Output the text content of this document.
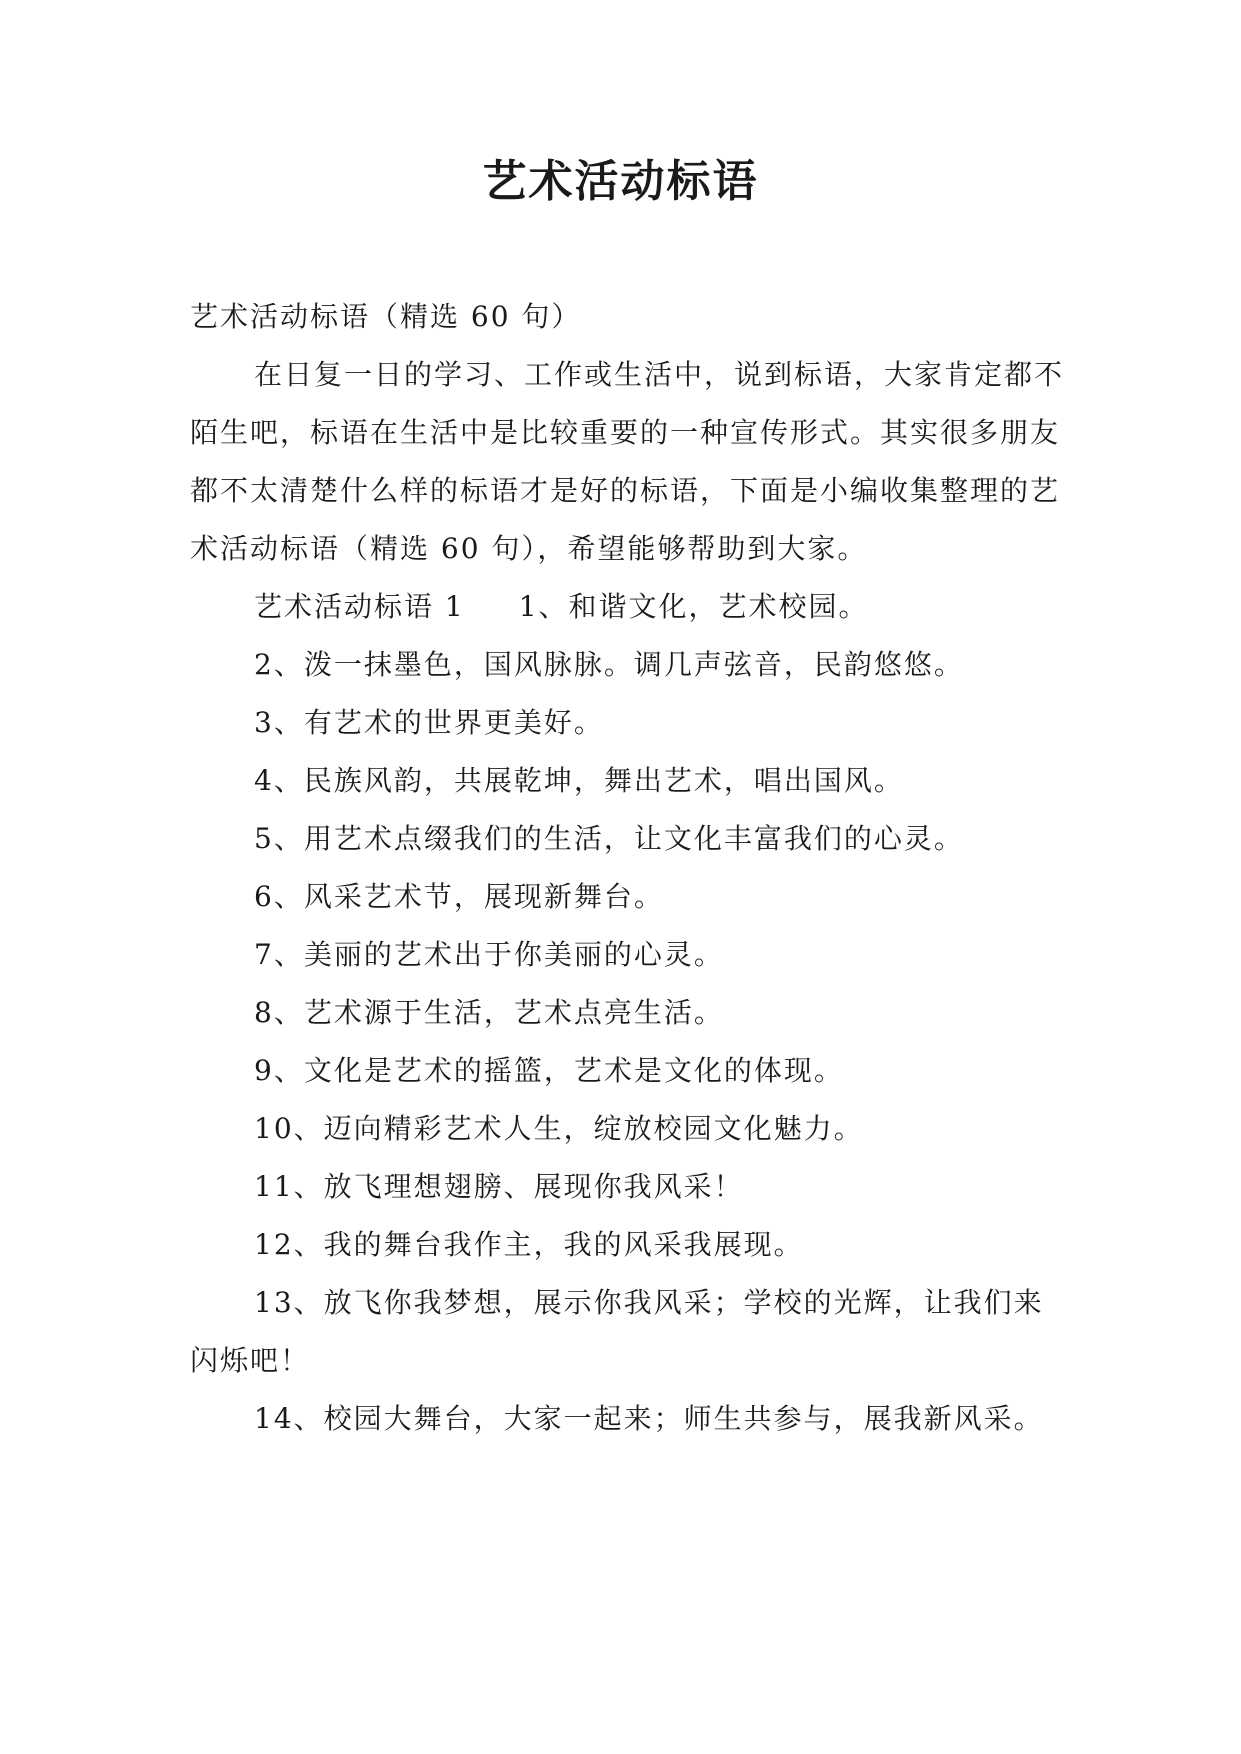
艺术活动标语

艺术活动标语（精选 60 句）

在日复一日的学习、工作或生活中，说到标语，大家肯定都不陌生吧，标语在生活中是比较重要的一种宣传形式。其实很多朋友都不太清楚什么样的标语才是好的标语，下面是小编收集整理的艺术活动标语（精选 60 句），希望能够帮助到大家。

艺术活动标语 1 1、和谐文化，艺术校园。

2、泼一抹墨色，国风脉脉。调几声弦音，民韵悠悠。

3、有艺术的世界更美好。

4、民族风韵，共展乾坤，舞出艺术，唱出国风。

5、用艺术点缀我们的生活，让文化丰富我们的心灵。

6、风采艺术节，展现新舞台。

7、美丽的艺术出于你美丽的心灵。

8、艺术源于生活，艺术点亮生活。

9、文化是艺术的摇篮，艺术是文化的体现。

10、迈向精彩艺术人生，绽放校园文化魅力。

11、放飞理想翅膀、展现你我风采！

12、我的舞台我作主，我的风采我展现。

13、放飞你我梦想，展示你我风采；学校的光辉，让我们来闪烁吧！

14、校园大舞台，大家一起来；师生共参与，展我新风采。
